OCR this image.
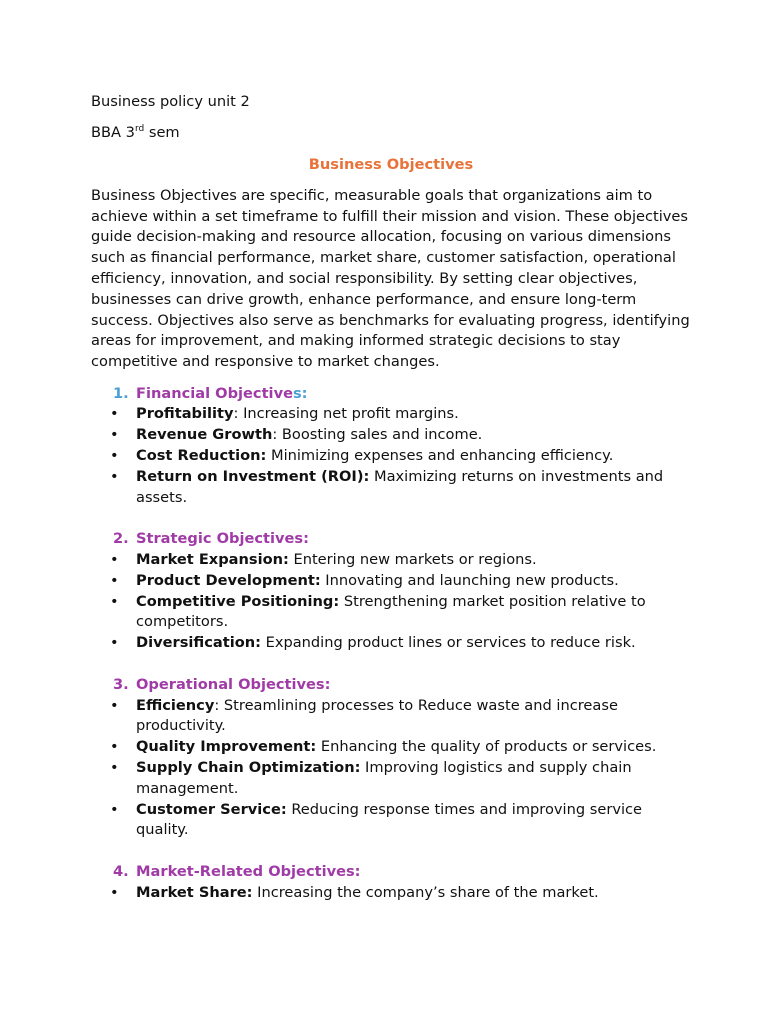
Business policy unit 2

BBA 3rd sem

Business Objectives

Business Objectives are specific, measurable goals that organizations aim to achieve within a set timeframe to fulfill their mission and vision. These objectives guide decision-making and resource allocation, focusing on various dimensions such as financial performance, market share, customer satisfaction, operational efficiency, innovation, and social responsibility. By setting clear objectives, businesses can drive growth, enhance performance, and ensure long-term success. Objectives also serve as benchmarks for evaluating progress, identifying areas for improvement, and making informed strategic decisions to stay competitive and responsive to market changes.

1. Financial Objectives:
• Profitability: Increasing net profit margins.
• Revenue Growth: Boosting sales and income.
• Cost Reduction: Minimizing expenses and enhancing efficiency.
• Return on Investment (ROI): Maximizing returns on investments and assets.
2. Strategic Objectives:
• Market Expansion: Entering new markets or regions.
• Product Development: Innovating and launching new products.
• Competitive Positioning: Strengthening market position relative to competitors.
• Diversification: Expanding product lines or services to reduce risk.
3. Operational Objectives:
• Efficiency: Streamlining processes to Reduce waste and increase productivity.
• Quality Improvement: Enhancing the quality of products or services.
• Supply Chain Optimization: Improving logistics and supply chain management.
• Customer Service: Reducing response times and improving service quality.
4. Market-Related Objectives:
• Market Share: Increasing the company’s share of the market.
